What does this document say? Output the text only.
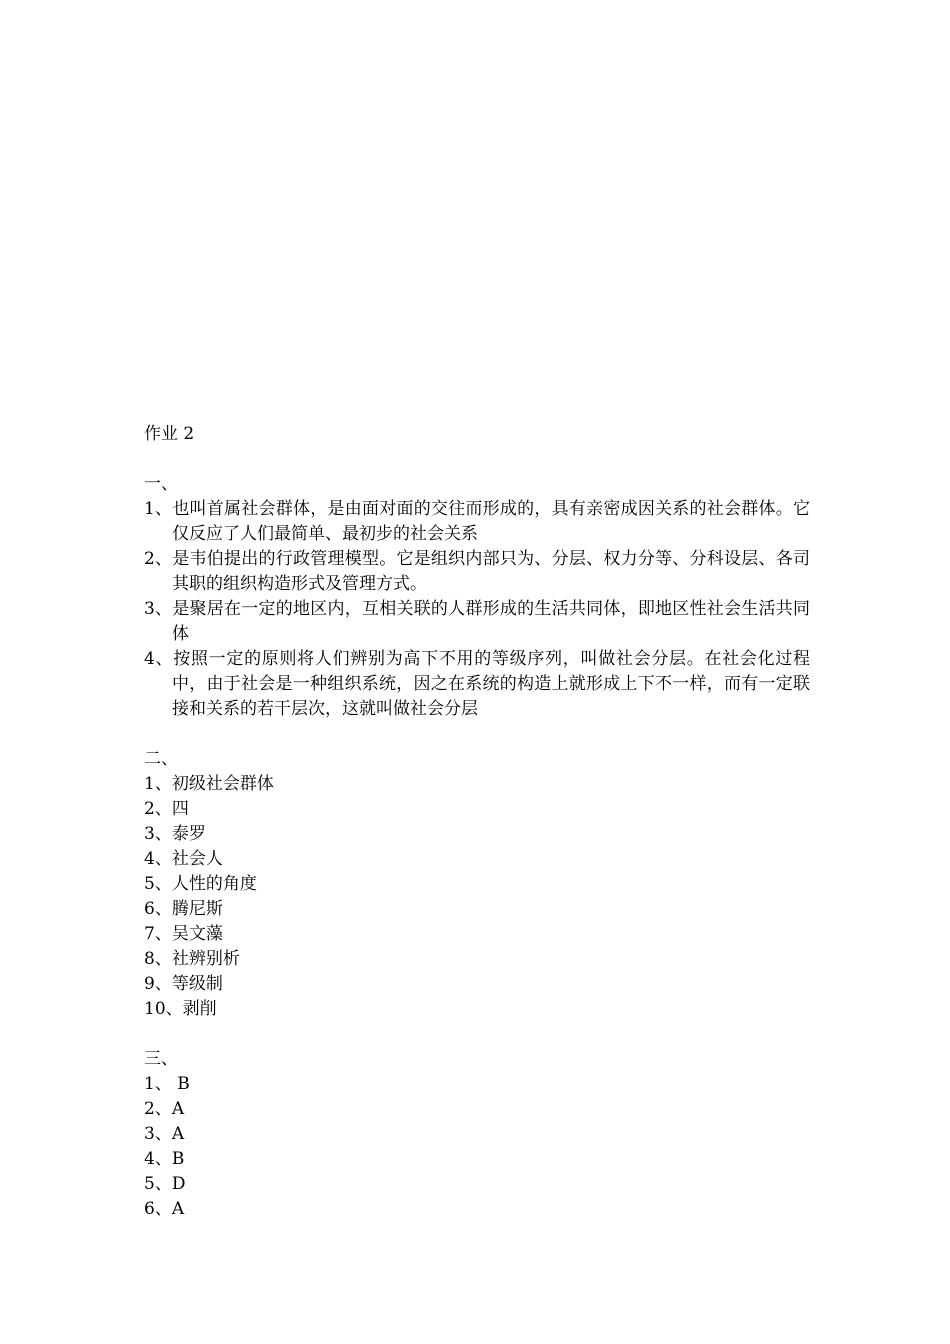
作业 2

一、

1、也叫首属社会群体，是由面对面的交往而形成的，具有亲密成因关系的社会群体。它仅反应了人们最简单、最初步的社会关系

2、是韦伯提出的行政管理模型。它是组织内部只为、分层、权力分等、分科设层、各司其职的组织构造形式及管理方式。

3、是聚居在一定的地区内，互相关联的人群形成的生活共同体，即地区性社会生活共同体

4、按照一定的原则将人们辨别为高下不用的等级序列，叫做社会分层。在社会化过程中，由于社会是一种组织系统，因之在系统的构造上就形成上下不一样，而有一定联接和关系的若干层次，这就叫做社会分层

二、

1、初级社会群体

2、四

3、泰罗

4、社会人

5、人性的角度

6、腾尼斯

7、吴文藻

8、社辨别析

9、等级制

10、剥削

三、

1、 B

2、A

3、A

4、B

5、D

6、A
